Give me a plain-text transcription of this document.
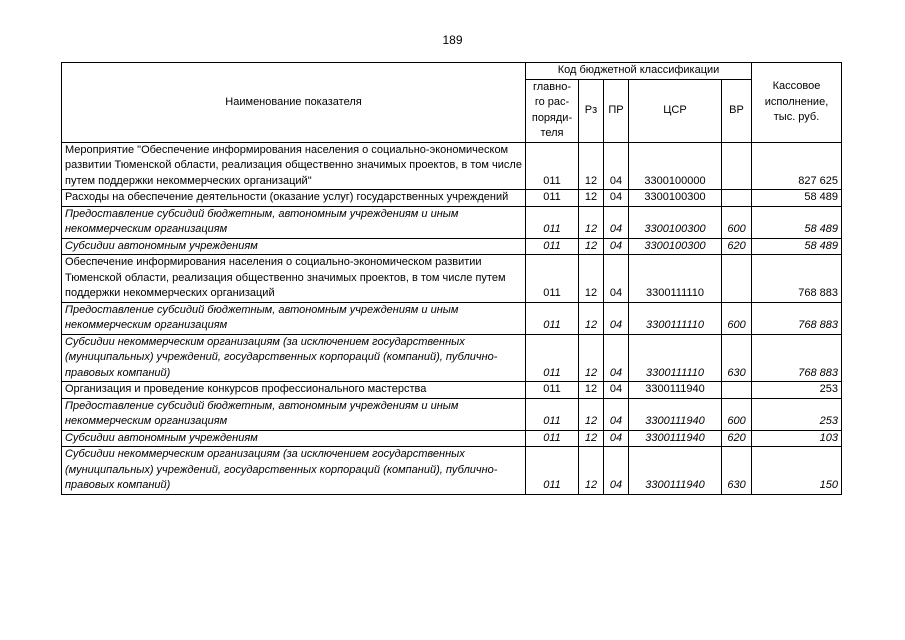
189
Наименование показателя	Код бюджетной классификации					Кассовое исполнение, тыс. руб.
	главно-го рас-поряди-теля	Рз	ПР	ЦСР	ВР	
Мероприятие "Обеспечение информирования населения о социально-экономическом развитии Тюменской области, реализация общественно значимых проектов, в том числе путем поддержки некоммерческих организаций"	011	12	04	3300100000		827 625
Расходы на обеспечение деятельности (оказание услуг) государственных учреждений	011	12	04	3300100300		58 489
Предоставление субсидий бюджетным, автономным учреждениям и иным некоммерческим организациям	011	12	04	3300100300	600	58 489
Субсидии автономным учреждениям	011	12	04	3300100300	620	58 489
Обеспечение информирования населения о социально-экономическом развитии Тюменской области, реализация общественно значимых проектов, в том числе путем поддержки некоммерческих организаций	011	12	04	3300111110		768 883
Предоставление субсидий бюджетным, автономным учреждениям и иным некоммерческим организациям	011	12	04	3300111110	600	768 883
Субсидии некоммерческим организациям (за исключением государственных (муниципальных) учреждений, государственных корпораций (компаний), публично-правовых компаний)	011	12	04	3300111110	630	768 883
Организация и проведение конкурсов профессионального мастерства	011	12	04	3300111940		253
Предоставление субсидий бюджетным, автономным учреждениям и иным некоммерческим организациям	011	12	04	3300111940	600	253
Субсидии автономным учреждениям	011	12	04	3300111940	620	103
Субсидии некоммерческим организациям (за исключением государственных (муниципальных) учреждений, государственных корпораций (компаний), публично-правовых компаний)	011	12	04	3300111940	630	150
